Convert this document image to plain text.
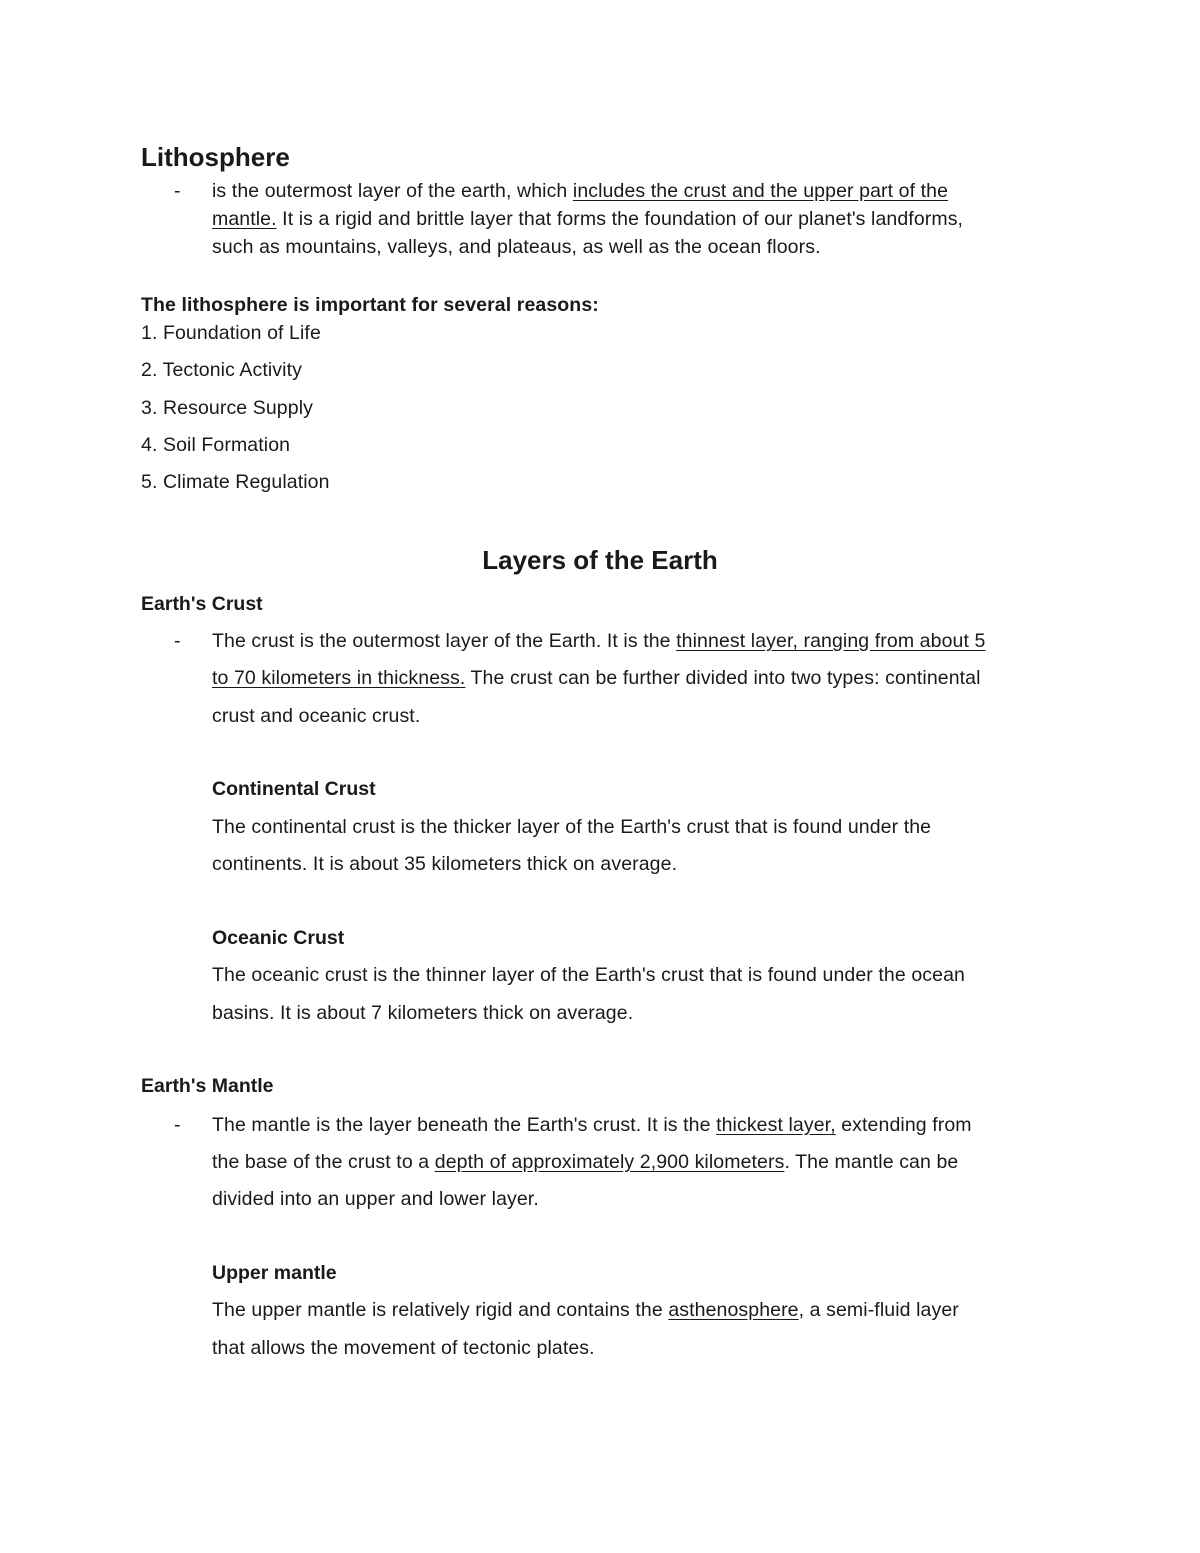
Lithosphere
- is the outermost layer of the earth, which includes the crust and the upper part of the
mantle. It is a rigid and brittle layer that forms the foundation of our planet's landforms,
such as mountains, valleys, and plateaus, as well as the ocean floors.
The lithosphere is important for several reasons:
1. Foundation of Life
2. Tectonic Activity
3. Resource Supply
4. Soil Formation
5. Climate Regulation
Layers of the Earth
Earth's Crust
- The crust is the outermost layer of the Earth. It is the thinnest layer, ranging from about 5
to 70 kilometers in thickness. The crust can be further divided into two types: continental
crust and oceanic crust.
Continental Crust
The continental crust is the thicker layer of the Earth's crust that is found under the
continents. It is about 35 kilometers thick on average.
Oceanic Crust
The oceanic crust is the thinner layer of the Earth's crust that is found under the ocean
basins. It is about 7 kilometers thick on average.
Earth's Mantle
- The mantle is the layer beneath the Earth's crust. It is the thickest layer, extending from
the base of the crust to a depth of approximately 2,900 kilometers. The mantle can be
divided into an upper and lower layer.
Upper mantle
The upper mantle is relatively rigid and contains the asthenosphere, a semi-fluid layer
that allows the movement of tectonic plates.
